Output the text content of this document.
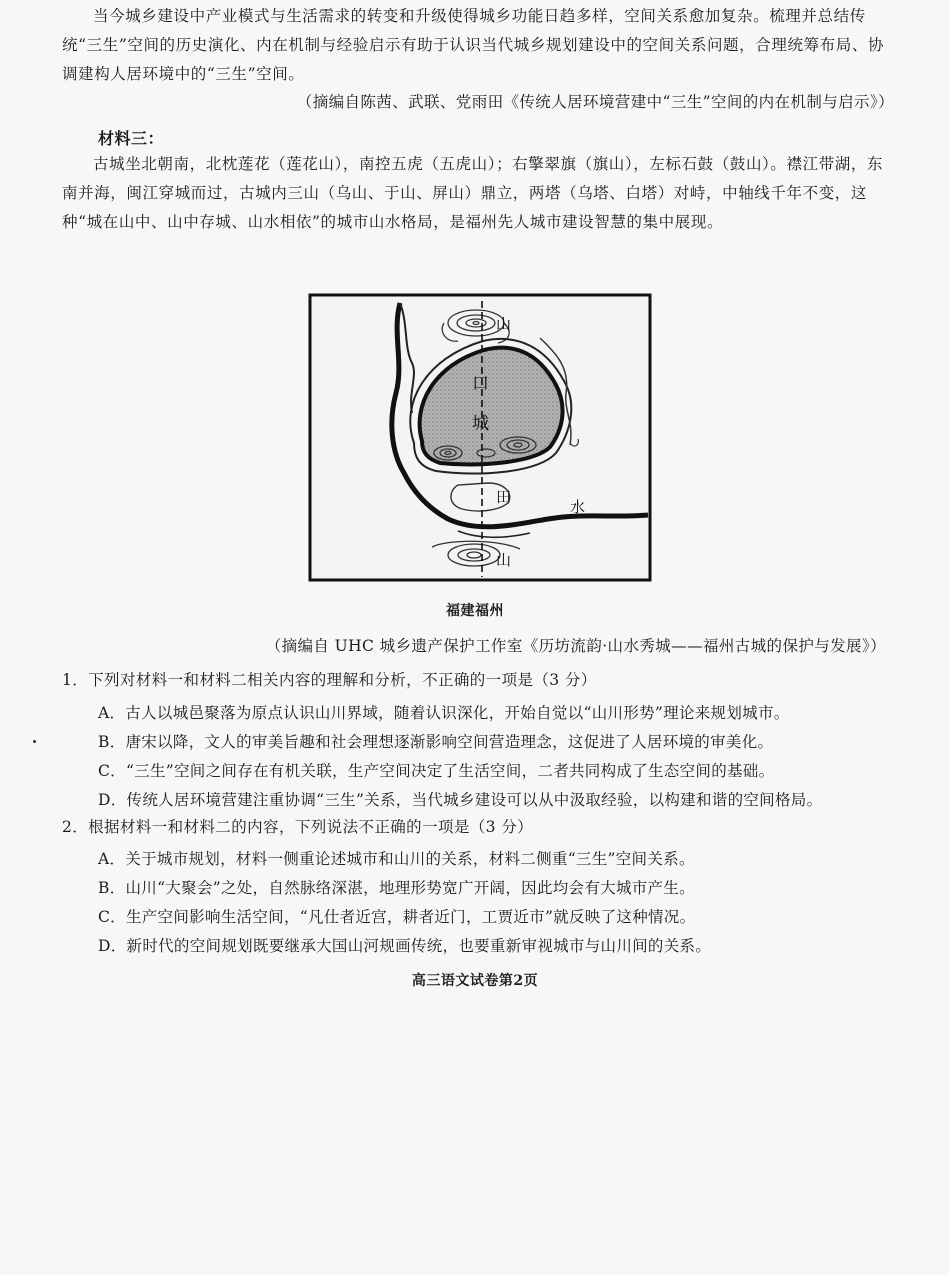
当今城乡建设中产业模式与生活需求的转变和升级使得城乡功能日趋多样，空间关系愈加复杂。梳理并总结传统“三生”空间的历史演化、内在机制与经验启示有助于认识当代城乡规划建设中的空间关系问题，合理统筹布局、协调建构人居环境中的“三生”空间。

（摘编自陈茜、武联、党雨田《传统人居环境营建中“三生”空间的内在机制与启示》）

材料三：

古城坐北朝南，北枕莲花（莲花山），南控五虎（五虎山）；右擎翠旗（旗山），左标石鼓（鼓山）。襟江带湖，东南并海，闽江穿城而过，古城内三山（乌山、于山、屏山）鼎立，两塔（乌塔、白塔）对峙，中轴线千年不变，这种“城在山中、山中存城、山水相依”的城市山水格局，是福州先人城市建设智慧的集中展现。

山
山
田
水
口
城

福建福州

（摘编自 UHC 城乡遗产保护工作室《历坊流韵·山水秀城——福州古城的保护与发展》）

1．下列对材料一和材料二相关内容的理解和分析，不正确的一项是（3 分）

A．古人以城邑聚落为原点认识山川界域，随着认识深化，开始自觉以“山川形势”理论来规划城市。

B．唐宋以降，文人的审美旨趣和社会理想逐渐影响空间营造理念，这促进了人居环境的审美化。

C．“三生”空间之间存在有机关联，生产空间决定了生活空间，二者共同构成了生态空间的基础。

D．传统人居环境营建注重协调“三生”关系，当代城乡建设可以从中汲取经验，以构建和谐的空间格局。

2．根据材料一和材料二的内容，下列说法不正确的一项是（3 分）

A．关于城市规划，材料一侧重论述城市和山川的关系，材料二侧重“三生”空间关系。

B．山川“大聚会”之处，自然脉络深湛，地理形势宽广开阔，因此均会有大城市产生。

C．生产空间影响生活空间，“凡仕者近宫，耕者近门，工贾近市”就反映了这种情况。

D．新时代的空间规划既要继承大国山河规画传统，也要重新审视城市与山川间的关系。

高三语文试卷第2页
